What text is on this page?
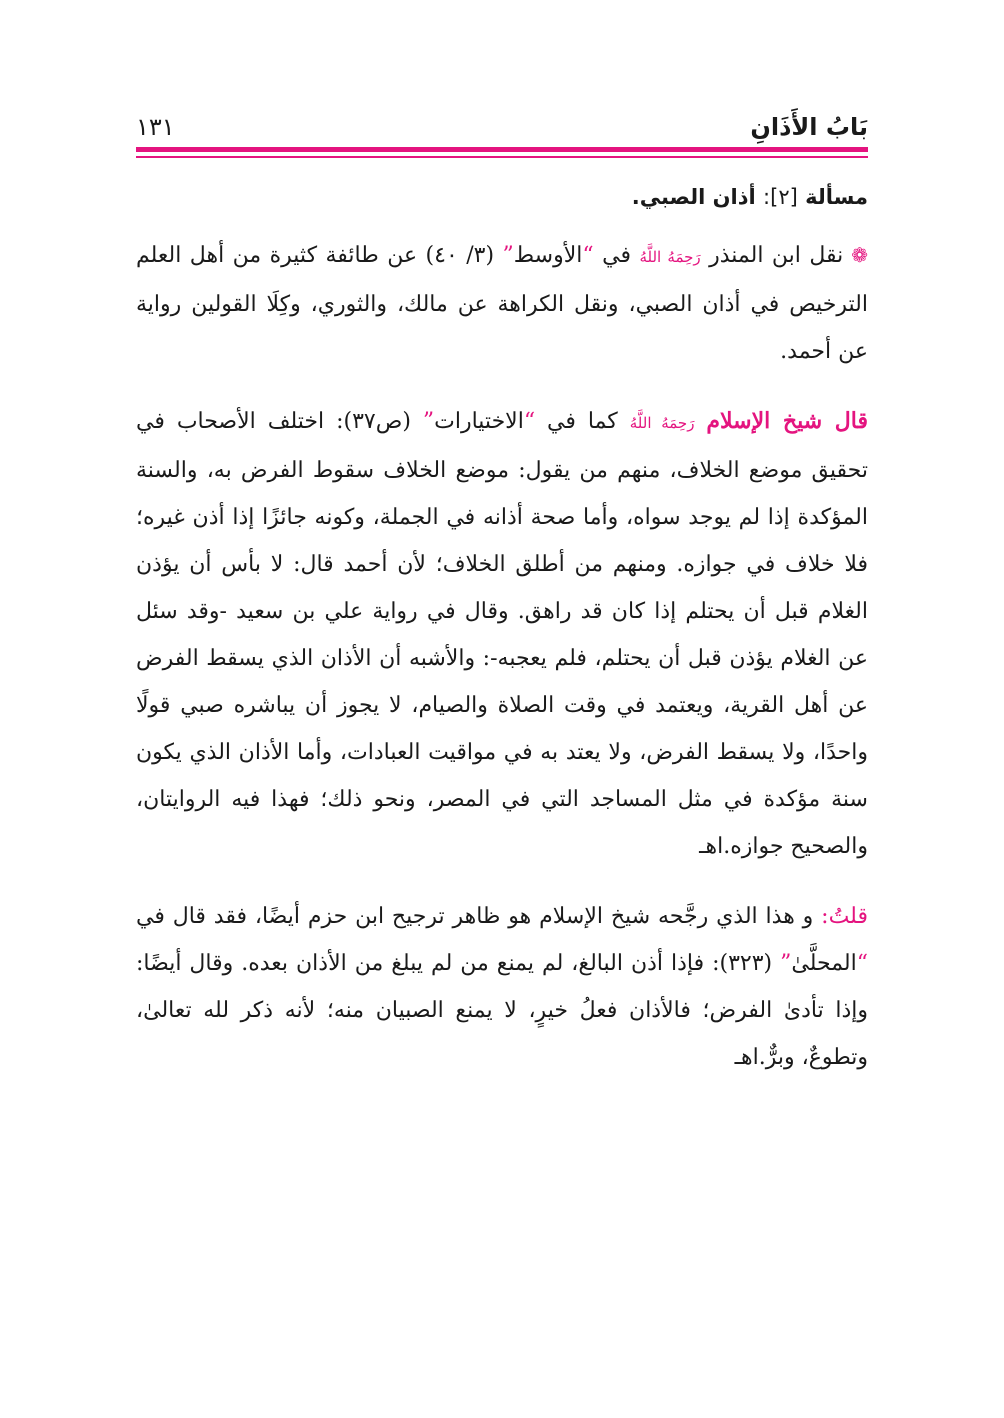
بَابُ الأَذَانِ
١٣١
مسألة [٢]: أذان الصبي.

❁نقل ابن المنذر رَحِمَهُ اللَّهُ في “الأوسط” (٣/ ٤٠) عن طائفة كثيرة من أهل العلم الترخيص في أذان الصبي، ونقل الكراهة عن مالك، والثوري، وكِلَا القولين رواية عن أحمد.

قال شيخ الإسلام رَحِمَهُ اللَّهُ كما في “الاختيارات” (ص٣٧): اختلف الأصحاب في تحقيق موضع الخلاف، منهم من يقول: موضع الخلاف سقوط الفرض به، والسنة المؤكدة إذا لم يوجد سواه، وأما صحة أذانه في الجملة، وكونه جائزًا إذا أذن غيره؛ فلا خلاف في جوازه. ومنهم من أطلق الخلاف؛ لأن أحمد قال: لا بأس أن يؤذن الغلام قبل أن يحتلم إذا كان قد راهق. وقال في رواية علي بن سعيد -وقد سئل عن الغلام يؤذن قبل أن يحتلم، فلم يعجبه-: والأشبه أن الأذان الذي يسقط الفرض عن أهل القرية، ويعتمد في وقت الصلاة والصيام، لا يجوز أن يباشره صبي قولًا واحدًا، ولا يسقط الفرض، ولا يعتد به في مواقيت العبادات، وأما الأذان الذي يكون سنة مؤكدة في مثل المساجد التي في المصر، ونحو ذلك؛ فهذا فيه الروايتان، والصحيح جوازه.اهـ

قلتُ: و هذا الذي رجَّحه شيخ الإسلام هو ظاهر ترجيح ابن حزم أيضًا، فقد قال في “المحلَّىٰ” (٣٢٣): فإذا أذن البالغ، لم يمنع من لم يبلغ من الأذان بعده. وقال أيضًا: وإذا تأدىٰ الفرض؛ فالأذان فعلُ خيرٍ، لا يمنع الصبيان منه؛ لأنه ذكر لله تعالىٰ، وتطوعٌ، وبرٌّ.اهـ
